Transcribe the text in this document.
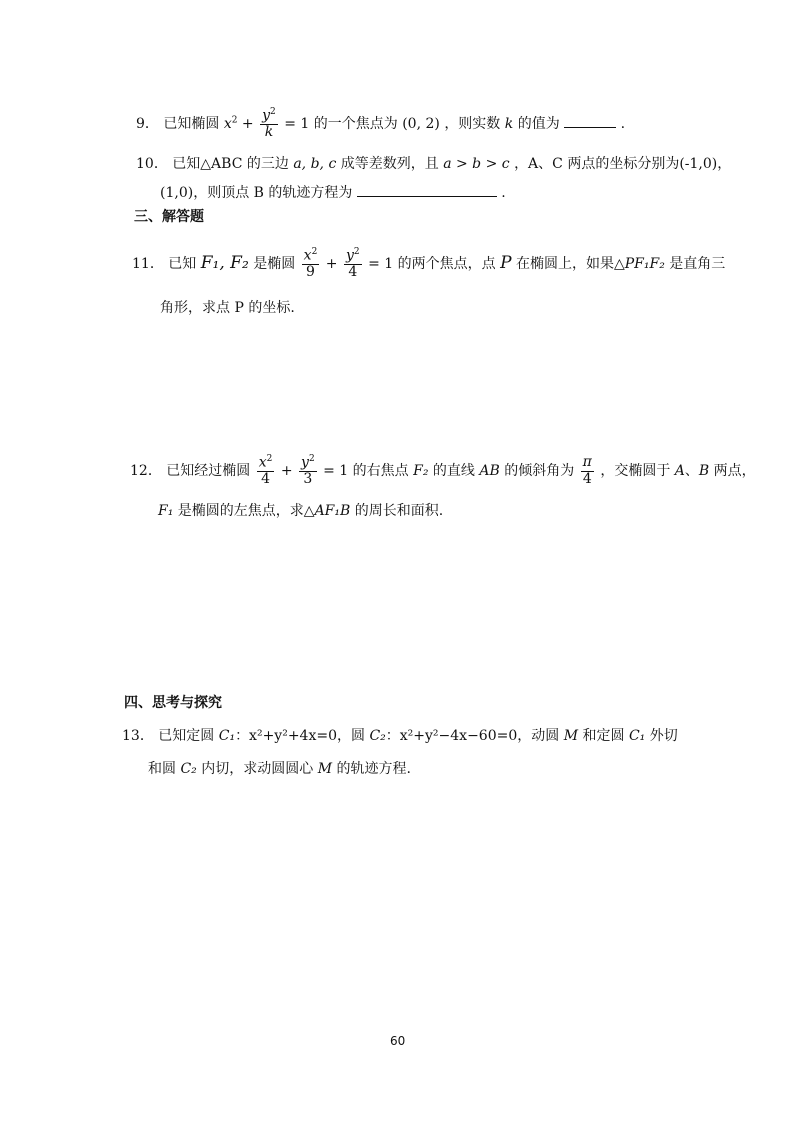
9． 已知椭圆 $x^2 + \frac{y^2}{k} = 1$ 的一个焦点为 (0, 2) ，则实数 k 的值为	.
10． 已知△ABC 的三边 a, b, c 成等差数列，且 a > b > c ，A、C 两点的坐标分别为(-1,0)，
(1,0)，则顶点 B 的轨迹方程为	.
三、解答题
11． 已知 F₁, F₂ 是椭圆 $\frac{x^2}{9} + \frac{y^2}{4} = 1$ 的两个焦点，点 P 在椭圆上，如果△PF₁F₂ 是直角三
角形，求点 P 的坐标.
12． 已知经过椭圆 $\frac{x^2}{4} + \frac{y^2}{3} = 1$ 的右焦点 F₂ 的直线 AB 的倾斜角为 $\frac{\pi}{4}$ ，交椭圆于 A、B 两点，
F₁ 是椭圆的左焦点，求△AF₁B 的周长和面积.
四、思考与探究
13． 已知定圆 C₁：x²+y²+4x=0，圆 C₂：x²+y²−4x−60=0，动圆 M 和定圆 C₁ 外切
和圆 C₂ 内切，求动圆圆心 M 的轨迹方程.
60
